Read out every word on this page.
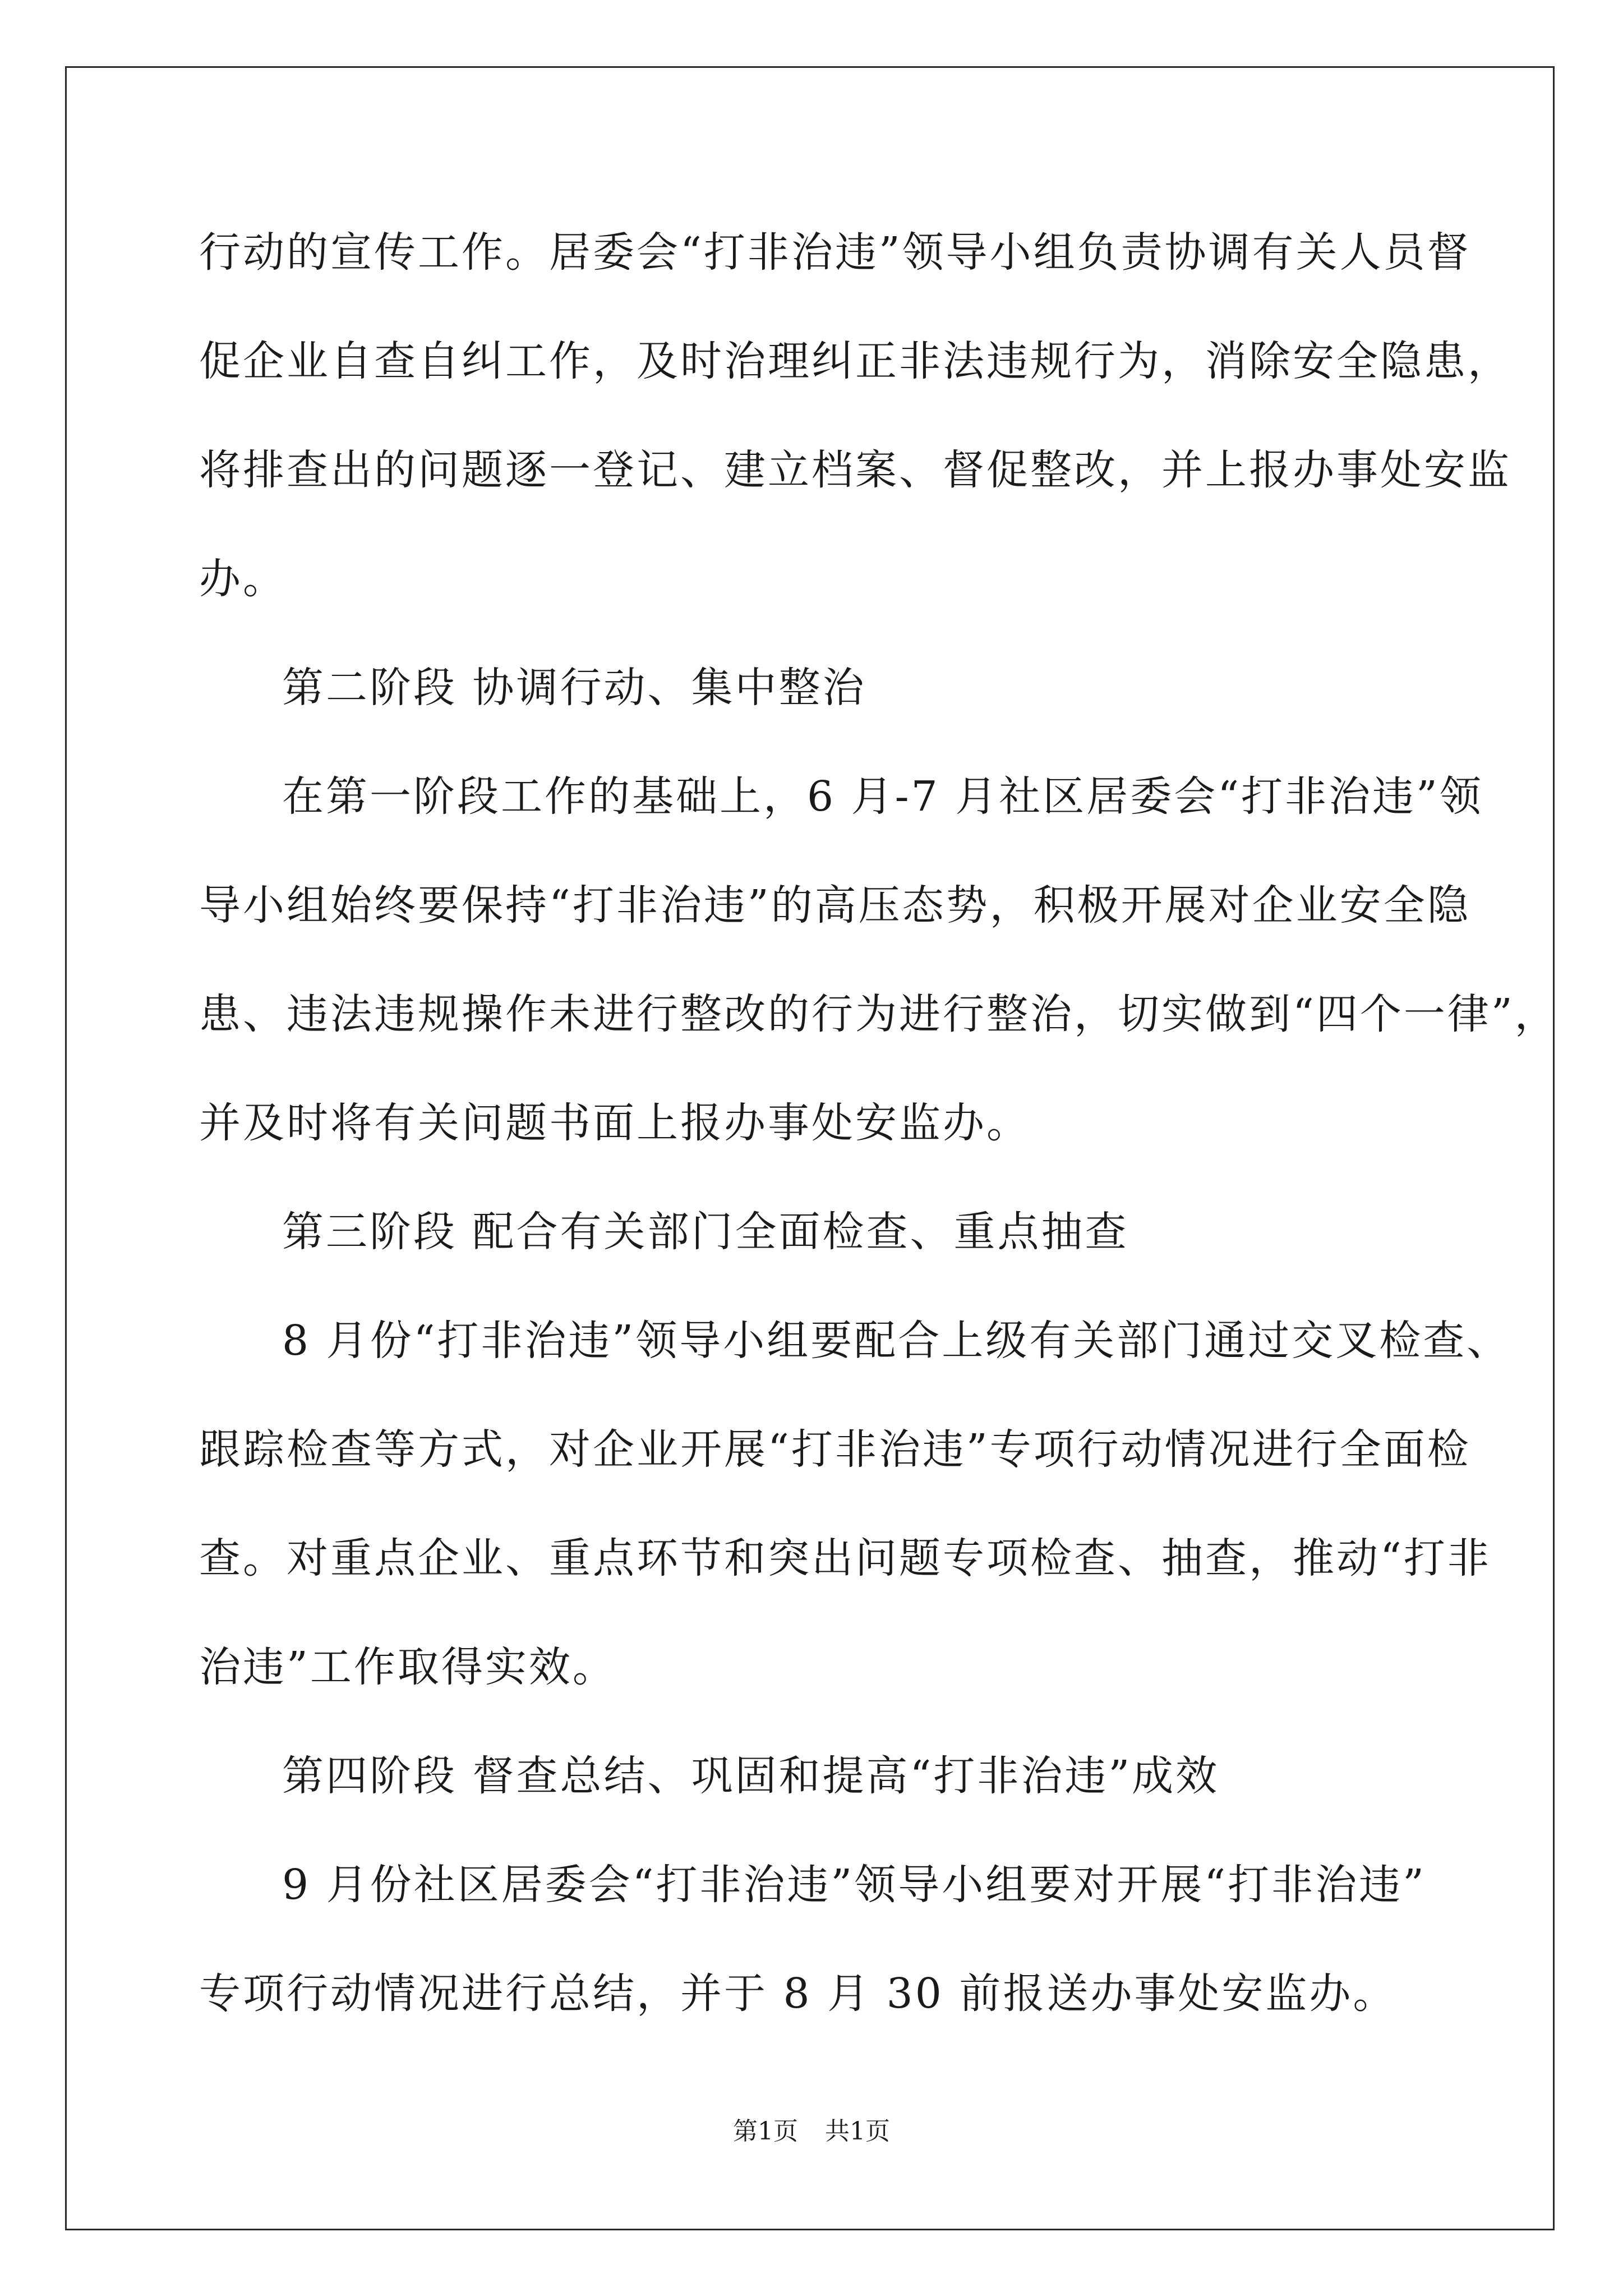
行动的宣传工作。居委会“打非治违”领导小组负责协调有关人员督
促企业自查自纠工作，及时治理纠正非法违规行为，消除安全隐患，
将排查出的问题逐一登记、建立档案、督促整改，并上报办事处安监
办。
第二阶段 协调行动、集中整治
在第一阶段工作的基础上，6 月-7 月社区居委会“打非治违”领
导小组始终要保持“打非治违”的高压态势，积极开展对企业安全隐
患、违法违规操作未进行整改的行为进行整治，切实做到“四个一律”，
并及时将有关问题书面上报办事处安监办。
第三阶段 配合有关部门全面检查、重点抽查
8 月份“打非治违”领导小组要配合上级有关部门通过交叉检查、
跟踪检查等方式，对企业开展“打非治违”专项行动情况进行全面检
查。对重点企业、重点环节和突出问题专项检查、抽查，推动“打非
治违”工作取得实效。
第四阶段 督查总结、巩固和提高“打非治违”成效
9 月份社区居委会“打非治违”领导小组要对开展“打非治违”
专项行动情况进行总结，并于 8 月 30 前报送办事处安监办。
第1页 共1页
